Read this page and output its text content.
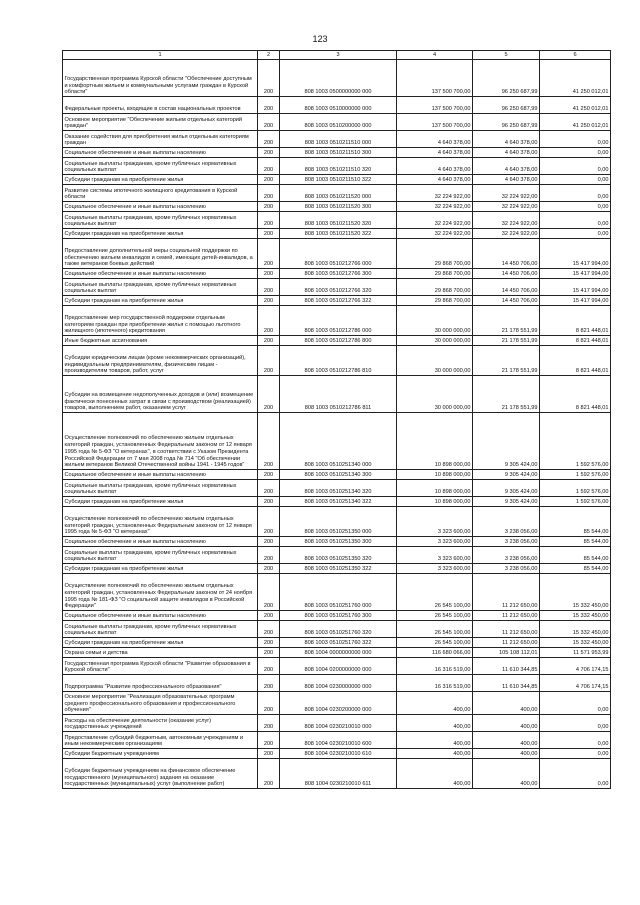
123
1	2	3	4	5	6
Государственная программа Курской области "Обеспечение доступным и комфортным жильем и коммунальными услугами граждан в Курской области"	200	808 1003 0500000000 000	137 500 700,00	96 250 687,99	41 250 012,01
Федеральные проекты, входящие в состав национальных проектов	200	808 1003 0510000000 000	137 500 700,00	96 250 687,99	41 250 012,01
Основное мероприятие "Обеспечение жильем отдельных категорий граждан"	200	808 1003 0510200000 000	137 500 700,00	96 250 687,99	41 250 012,01
Оказание содействия для приобретения жилья отдельным категориям граждан	200	808 1003 0510211510 000	4 640 378,00	4 640 378,00	0,00
Социальное обеспечение и иные выплаты населению	200	808 1003 0510211510 300	4 640 378,00	4 640 378,00	0,00
Социальные выплаты гражданам, кроме публичных нормативных социальных выплат	200	808 1003 0510211510 320	4 640 378,00	4 640 378,00	0,00
Субсидии гражданам на приобретение жилья	200	808 1003 0510211510 322	4 640 378,00	4 640 378,00	0,00
Развитие системы ипотечного жилищного кредитования в Курской области	200	808 1003 0510211520 000	32 224 922,00	32 224 922,00	0,00
Социальное обеспечение и иные выплаты населению	200	808 1003 0510211520 300	32 224 922,00	32 224 922,00	0,00
Социальные выплаты гражданам, кроме публичных нормативных социальных выплат	200	808 1003 0510211520 320	32 224 922,00	32 224 922,00	0,00
Субсидии гражданам на приобретение жилья	200	808 1003 0510211520 322	32 224 922,00	32 224 922,00	0,00
Предоставление дополнительной меры социальной поддержки по обеспечению жильем инвалидов и семей, имеющих детей-инвалидов, а также ветеранов боевых действий	200	808 1003 0510212766 000	29 868 700,00	14 450 706,00	15 417 994,00
Социальное обеспечение и иные выплаты населению	200	808 1003 0510212766 300	29 868 700,00	14 450 706,00	15 417 994,00
Социальные выплаты гражданам, кроме публичных нормативных социальных выплат	200	808 1003 0510212766 320	29 868 700,00	14 450 706,00	15 417 994,00
Субсидии гражданам на приобретение жилья	200	808 1003 0510212766 322	29 868 700,00	14 450 706,00	15 417 994,00
Предоставление мер государственной поддержки отдельным категориям граждан при приобретении жилья с помощью льготного жилищного (ипотечного) кредитования	200	808 1003 0510212786 000	30 000 000,00	21 178 551,99	8 821 448,01
Иные бюджетные ассигнования	200	808 1003 0510212786 800	30 000 000,00	21 178 551,99	8 821 448,01
Субсидии юридическим лицам (кроме некоммерческих организаций), индивидуальным предпринимателям, физическим лицам - производителям товаров, работ, услуг	200	808 1003 0510212786 810	30 000 000,00	21 178 551,99	8 821 448,01
Субсидии на возмещение недополученных доходов и (или) возмещение фактически понесенных затрат в связи с производством (реализацией) товаров, выполнением работ, оказанием услуг	200	808 1003 0510212786 811	30 000 000,00	21 178 551,99	8 821 448,01
Осуществление полномочий по обеспечению жильем отдельных категорий граждан, установленных Федеральным законом от 12 января 1995 года № 5-ФЗ "О ветеранах", в соответствии с Указом Президента Российской Федерации от 7 мая 2008 года № 714 "Об обеспечении жильем ветеранов Великой Отечественной войны 1941 - 1945 годов"	200	808 1003 0510251340 000	10 898 000,00	9 305 424,00	1 592 576,00
Социальное обеспечение и иные выплаты населению	200	808 1003 0510251340 300	10 898 000,00	9 305 424,00	1 592 576,00
Социальные выплаты гражданам, кроме публичных нормативных социальных выплат	200	808 1003 0510251340 320	10 898 000,00	9 305 424,00	1 592 576,00
Субсидии гражданам на приобретение жилья	200	808 1003 0510251340 322	10 898 000,00	9 305 424,00	1 592 576,00
Осуществление полномочий по обеспечению жильем отдельных категорий граждан, установленных Федеральным законом от 12 января 1995 года № 5-ФЗ "О ветеранах"	200	808 1003 0510251350 000	3 323 600,00	3 238 056,00	85 544,00
Социальное обеспечение и иные выплаты населению	200	808 1003 0510251350 300	3 323 600,00	3 238 056,00	85 544,00
Социальные выплаты гражданам, кроме публичных нормативных социальных выплат	200	808 1003 0510251350 320	3 323 600,00	3 238 056,00	85 544,00
Субсидии гражданам на приобретение жилья	200	808 1003 0510251350 322	3 323 600,00	3 238 056,00	85 544,00
Осуществление полномочий по обеспечению жильем отдельных категорий граждан, установленных Федеральным законом от 24 ноября 1995 года № 181-ФЗ "О социальной защите инвалидов в Российской Федерации"	200	808 1003 0510251760 000	26 545 100,00	11 212 650,00	15 332 450,00
Социальное обеспечение и иные выплаты населению	200	808 1003 0510251760 300	26 545 100,00	11 212 650,00	15 332 450,00
Социальные выплаты гражданам, кроме публичных нормативных социальных выплат	200	808 1003 0510251760 320	26 545 100,00	11 212 650,00	15 332 450,00
Субсидии гражданам на приобретение жилья	200	808 1003 0510251760 322	26 545 100,00	11 212 650,00	15 332 450,00
Охрана семьи и детства	200	808 1004 0000000000 000	116 680 066,00	105 108 112,01	11 571 953,99
Государственная программа Курской области "Развитие образования в Курской области"	200	808 1004 0200000000 000	16 316 519,00	11 610 344,85	4 706 174,15
Подпрограмма "Развитие профессионального образования"	200	808 1004 0230000000 000	16 316 519,00	11 610 344,85	4 706 174,15
Основное мероприятие "Реализация образовательных программ среднего профессионального образования и профессионального обучения"	200	808 1004 0230200000 000	400,00	400,00	0,00
Расходы на обеспечение деятельности (оказание услуг) государственных учреждений	200	808 1004 0230210010 000	400,00	400,00	0,00
Предоставление субсидий бюджетным, автономным учреждениям и иным некоммерческим организациям	200	808 1004 0230210010 600	400,00	400,00	0,00
Субсидии бюджетным учреждениям	200	808 1004 0230210010 610	400,00	400,00	0,00
Субсидии бюджетным учреждениям на финансовое обеспечение государственного (муниципального) задания на оказание государственных (муниципальных) услуг (выполнение работ)	200	808 1004 0230210010 611	400,00	400,00	0,00
